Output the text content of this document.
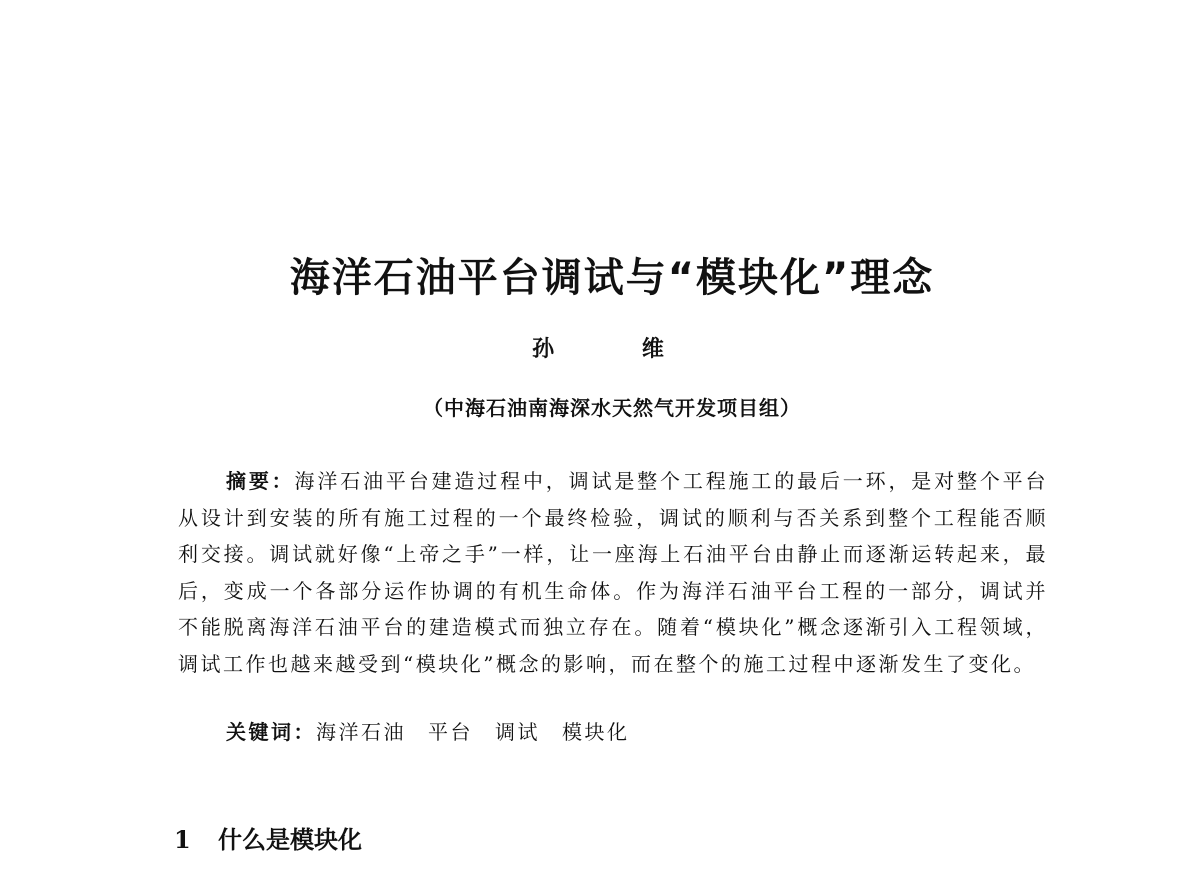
海洋石油平台调试与“模块化”理念
孙 维
（中海石油南海深水天然气开发项目组）
摘要：海洋石油平台建造过程中，调试是整个工程施工的最后一环，是对整个平台从设计到安装的所有施工过程的一个最终检验，调试的顺利与否关系到整个工程能否顺利交接。调试就好像“上帝之手”一样，让一座海上石油平台由静止而逐渐运转起来，最后，变成一个各部分运作协调的有机生命体。作为海洋石油平台工程的一部分，调试并不能脱离海洋石油平台的建造模式而独立存在。随着“模块化”概念逐渐引入工程领域，调试工作也越来越受到“模块化”概念的影响，而在整个的施工过程中逐渐发生了变化。
关键词：海洋石油 平台 调试 模块化
1 什么是模块化
